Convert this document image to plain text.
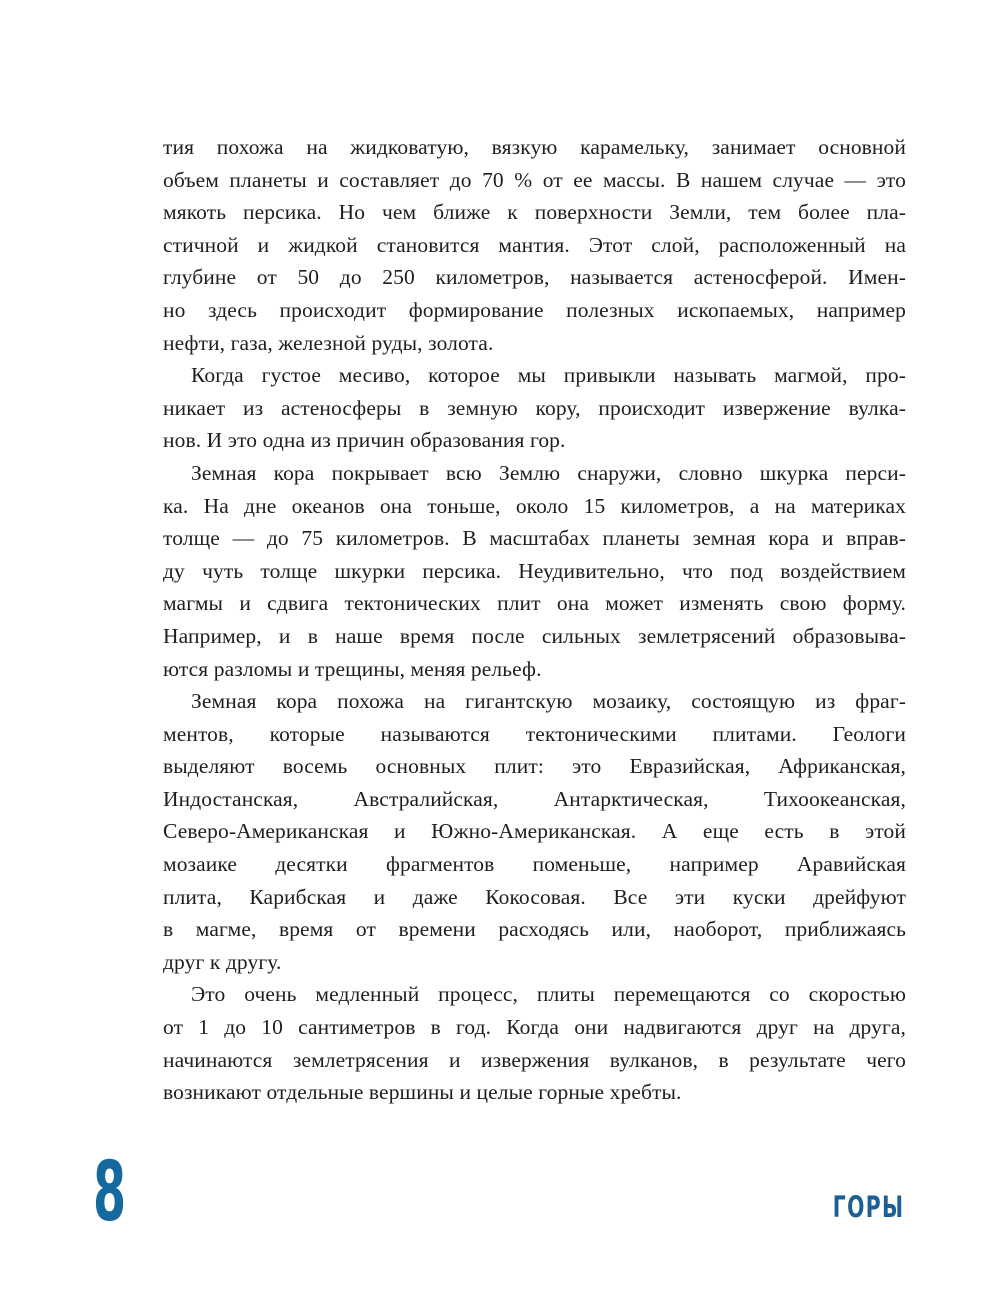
тия похожа на жидковатую, вязкую карамельку, занимает основной
объем планеты и составляет до 70 % от ее массы. В нашем случае — это
мякоть персика. Но чем ближе к поверхности Земли, тем более пла-
стичной и жидкой становится мантия. Этот слой, расположенный на
глубине от 50 до 250 километров, называется астеносферой. Имен-
но здесь происходит формирование полезных ископаемых, например
нефти, газа, железной руды, золота.
Когда густое месиво, которое мы привыкли называть магмой, про-
никает из астеносферы в земную кору, происходит извержение вулка-
нов. И это одна из причин образования гор.
Земная кора покрывает всю Землю снаружи, словно шкурка перси-
ка. На дне океанов она тоньше, около 15 километров, а на материках
толще — до 75 километров. В масштабах планеты земная кора и вправ-
ду чуть толще шкурки персика. Неудивительно, что под воздействием
магмы и сдвига тектонических плит она может изменять свою форму.
Например, и в наше время после сильных землетрясений образовыва-
ются разломы и трещины, меняя рельеф.
Земная кора похожа на гигантскую мозаику, состоящую из фраг-
ментов, которые называются тектоническими плитами. Геологи
выделяют восемь основных плит: это Евразийская, Африканская,
Индостанская, Австралийская, Антарктическая, Тихоокеанская,
Северо-Американская и Южно-Американская. А еще есть в этой
мозаике десятки фрагментов поменьше, например Аравийская
плита, Карибская и даже Кокосовая. Все эти куски дрейфуют
в магме, время от времени расходясь или, наоборот, приближаясь
друг к другу.
Это очень медленный процесс, плиты перемещаются со скоростью
от 1 до 10 сантиметров в год. Когда они надвигаются друг на друга,
начинаются землетрясения и извержения вулканов, в результате чего
возникают отдельные вершины и целые горные хребты.
8	ГОРЫ
